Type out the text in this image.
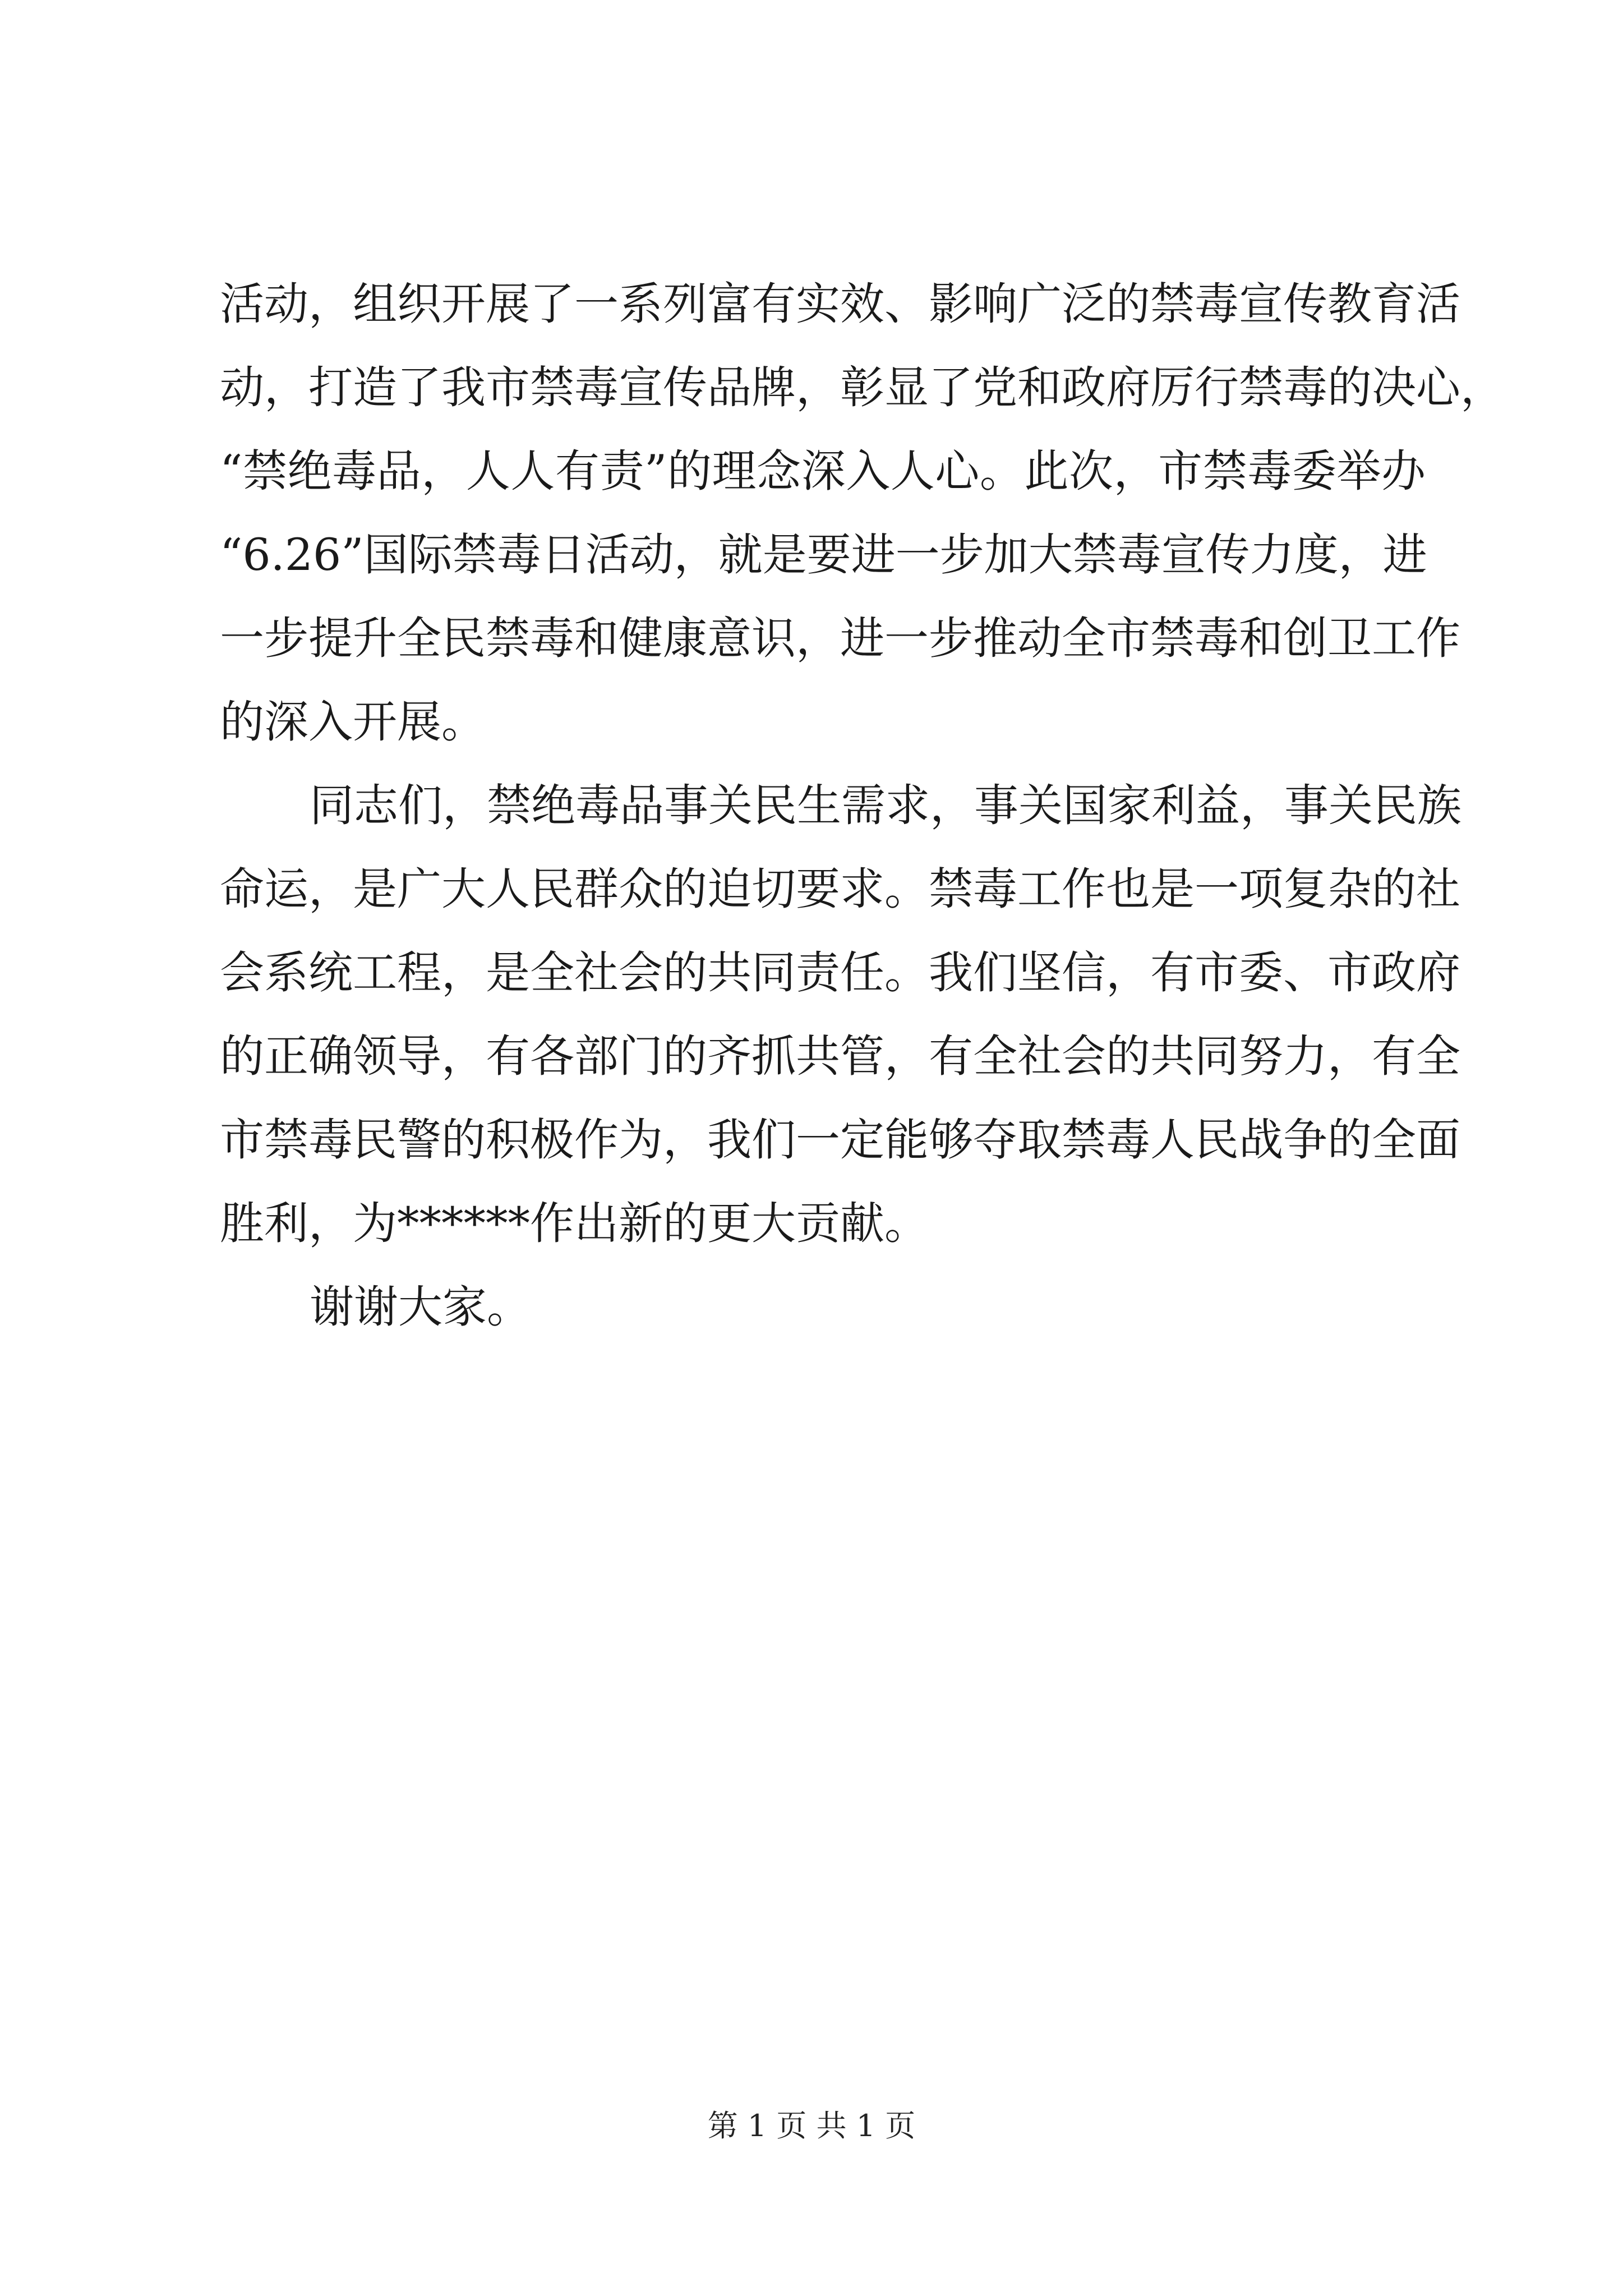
活动，组织开展了一系列富有实效、影响广泛的禁毒宣传教育活
动，打造了我市禁毒宣传品牌，彰显了党和政府厉行禁毒的决心，
“禁绝毒品，人人有责”的理念深入人心。此次，市禁毒委举办
“6.26”国际禁毒日活动，就是要进一步加大禁毒宣传力度，进
一步提升全民禁毒和健康意识，进一步推动全市禁毒和创卫工作
的深入开展。
同志们，禁绝毒品事关民生需求，事关国家利益，事关民族
命运，是广大人民群众的迫切要求。禁毒工作也是一项复杂的社
会系统工程，是全社会的共同责任。我们坚信，有市委、市政府
的正确领导，有各部门的齐抓共管，有全社会的共同努力，有全
市禁毒民警的积极作为，我们一定能够夺取禁毒人民战争的全面
胜利，为******作出新的更大贡献。
谢谢大家。
第 1 页 共 1 页
